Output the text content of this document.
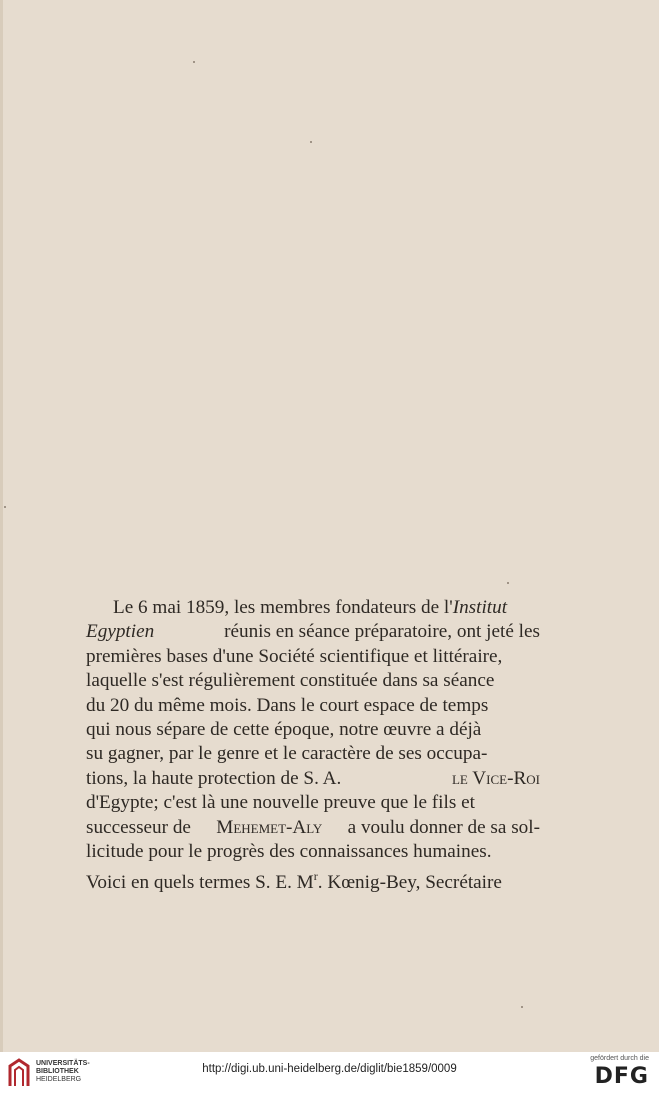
Le 6 mai 1859, les membres fondateurs de l'Institut
Egyptien	réunis en séance préparatoire, ont jeté les
premières bases d'une Société scientifique et littéraire,
laquelle s'est régulièrement constituée dans sa séance
du 20 du même mois. Dans le court espace de temps
qui nous sépare de cette époque, notre œuvre a déjà
su gagner, par le genre et le caractère de ses occupa-
tions, la haute protection de S. A.	le Vice-Roi
d'Egypte; c'est là une nouvelle preuve que le fils et
successeur de Mehemet-Aly a voulu donner de sa sol-
licitude pour le progrès des connaissances humaines.
Voici en quels termes S. E. $M^r$. Kœnig-Bey, Secrétaire
UNIVERSITÄTS-
BIBLIOTHEK
HEIDELBERG
http://digi.ub.uni-heidelberg.de/diglit/bie1859/0009
gefördert durch die
DFG
